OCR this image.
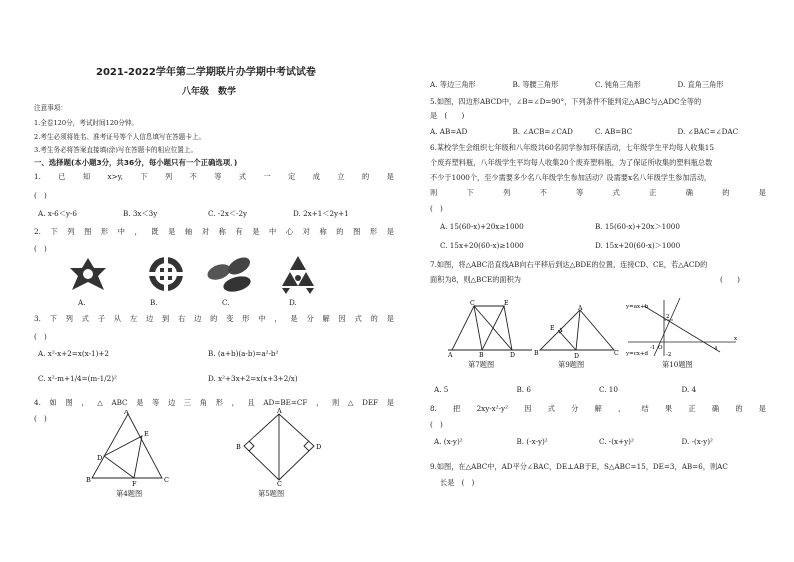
2021-2022学年第二学期联片办学期中考试试卷
八年级　数学
注意事项：
1.全卷120分，考试时间120分钟。
2.考生必须将姓名、准考证号等个人信息填写在答题卡上。
3.考生务必将答案直接填(涂)写在答题卡的相应位置上。
一、选择题(本小题3分，共36分，每小题只有一个正确选项．)
1. 已 知 x>y, 下 列 不 等 式 一 定 成 立 的 是
(　)
A. x-6＜y-6	B. 3x＜3y	C. -2x＜-2y	D. 2x+1＜2y+1
2. 下 列 图 形 中 ， 既 是 轴 对 称 有 是 中 心 对 称 的 图 形 是
(　)
A.	B.	C.	D.
3. 下 列 式 子 从 左 边 到 右 边 的 变 形 中 ， 是 分 解 因 式 的 是
(　)
A. x²-x+2=x(x-1)+2	B. (a+b)(a-b)=a²-b²
C. x²-m+1/4=(m-1/2)²	D. x²+3x+2=x(x+3+2/x)
4. 如 图 ， △ ABC 是 等 边 三 角 形 ， 且 AD=BE=CF ， 则 △ DEF 是
(　)
A
B	C
D
E
F
第4题图
A
B
C
D
第5题图
A. 等边三角形	B. 等腰三角形	C. 钝角三角形	D. 直角三角形
5.如图，四边形ABCD中，∠B=∠D=90°，下列条件不能判定△ABC与△ADC全等的
是　(　　)
A. AB=AD	B. ∠ACB=∠CAD	C. AB=BC	D. ∠BAC=∠DAC
6.某校学生会组织七年级和八年级共60名同学参加环保活动，七年级学生平均每人收集15
个废弃塑料瓶，八年级学生平均每人收集20个废弃塑料瓶，为了保证所收集的塑料瓶总数
不少于1000个，至少需要多少名八年级学生参加活动？设需要x名八年级学生参加活动，
则	下	列	不	等	式	正	确	的	是
(　)
A. 15(60-x)+20x≥1000	B. 15(60-x)+20x＞1000
C. 15x+20(60-x)≥1000	D. 15x+20(60-x)＞1000
7.如图，将△ABC沿直线AB向右平移后到达△BDE的位置，连接CD、CE，若△ACD的
面积为8，则△BCE的面积为	(　　)
A	B
C
D
E
第7题图
A
B	C
D
E
第9题图
y=ax+b
y=cx+d
O
x
4
-1
2
-2
第10题图
A. 5	B. 6	C. 10	D. 4
8. 把 2xy-x²-y² 因 式 分 解 ， 结 果 正 确 的 是
(　)
A. (x-y)²	B. (-x-y)²	C. -(x+y)²	D. -(x-y)²
9.如图，在△ABC中，AD平分∠BAC，DE⊥AB于E，S△ABC=15，DE=3，AB=6，则AC
长是　(　)
